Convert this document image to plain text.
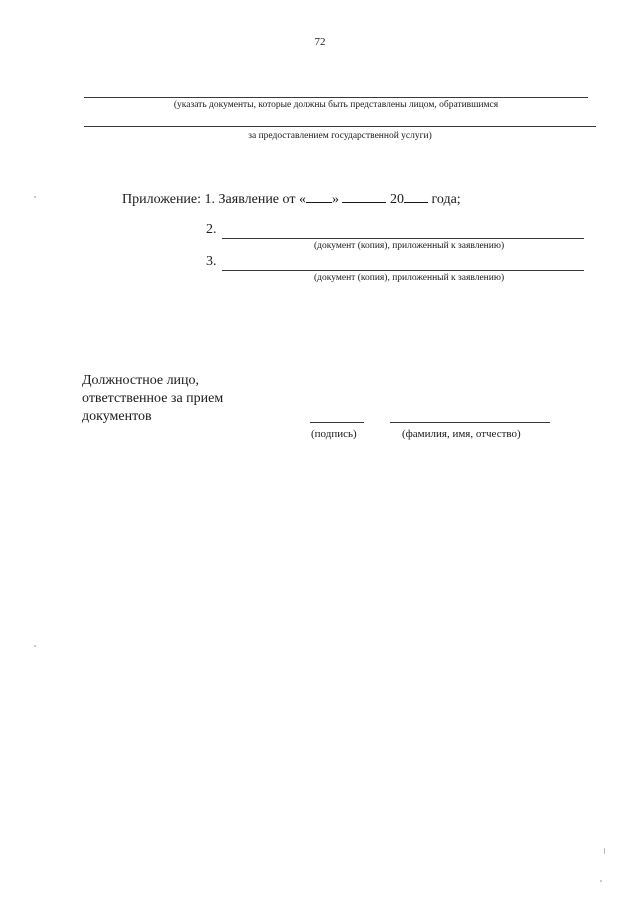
72
(указать документы, которые должны быть представлены лицом, обратившимся
за предоставлением государственной услуги)
Приложение: 1. Заявление от « »	20 года;
2.
(документ (копия), приложенный к заявлению)
3.
(документ (копия), приложенный к заявлению)
Должностное лицо,
ответственное за прием
документов
(подпись)	(фамилия, имя, отчество)
